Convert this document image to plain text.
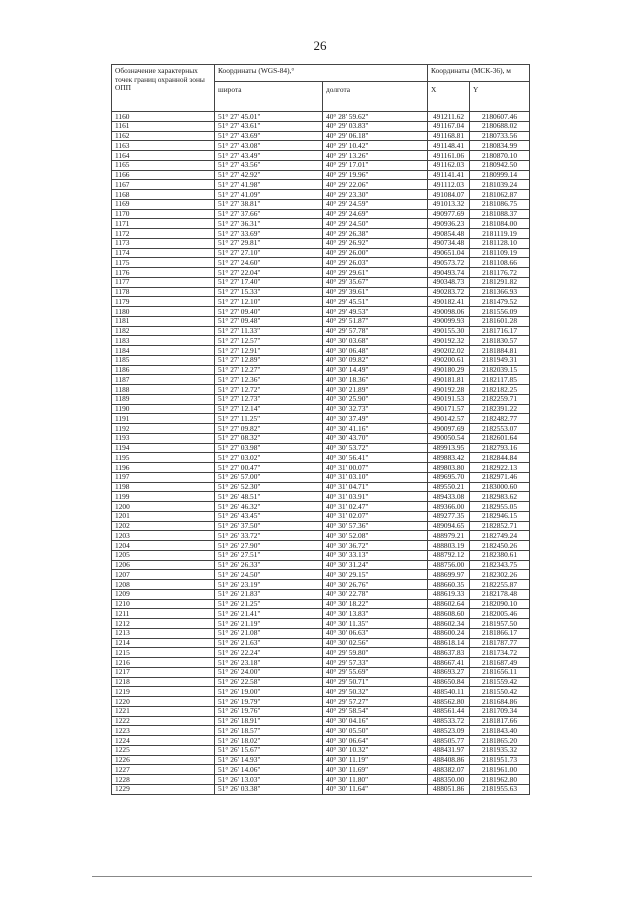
26
Обозначение характерных точек границ охранной зоны ОПП	Координаты (WGS-84),°		Координаты (МСК-36), м	
	широта	долгота	X	Y
1160	51° 27' 45.01"	40° 28' 59.62"	491211.62	2180607.46
1161	51° 27' 43.61"	40° 29' 03.83"	491167.04	2180688.02
1162	51° 27' 43.69"	40° 29' 06.18"	491168.81	2180733.56
1163	51° 27' 43.08"	40° 29' 10.42"	491148.41	2180834.99
1164	51° 27' 43.49"	40° 29' 13.26"	491161.06	2180870.10
1165	51° 27' 43.56"	40° 29' 17.01"	491162.03	2180942.50
1166	51° 27' 42.92"	40° 29' 19.96"	491141.41	2180999.14
1167	51° 27' 41.98"	40° 29' 22.06"	491112.03	2181039.24
1168	51° 27' 41.09"	40° 29' 23.30"	491084.07	2181062.87
1169	51° 27' 38.81"	40° 29' 24.59"	491013.32	2181086.75
1170	51° 27' 37.66"	40° 29' 24.69"	490977.69	2181088.37
1171	51° 27' 36.31"	40° 29' 24.50"	490936.23	2181084.00
1172	51° 27' 33.69"	40° 29' 26.38"	490854.48	2181119.19
1173	51° 27' 29.81"	40° 29' 26.92"	490734.48	2181128.10
1174	51° 27' 27.10"	40° 29' 26.00"	490651.04	2181109.19
1175	51° 27' 24.60"	40° 29' 26.03"	490573.72	2181108.66
1176	51° 27' 22.04"	40° 29' 29.61"	490493.74	2181176.72
1177	51° 27' 17.40"	40° 29' 35.67"	490348.73	2181291.82
1178	51° 27' 15.33"	40° 29' 39.61"	490283.72	2181366.93
1179	51° 27' 12.10"	40° 29' 45.51"	490182.41	2181479.52
1180	51° 27' 09.40"	40° 29' 49.53"	490098.06	2181556.09
1181	51° 27' 09.48"	40° 29' 51.87"	490099.93	2181601.28
1182	51° 27' 11.33"	40° 29' 57.78"	490155.30	2181716.17
1183	51° 27' 12.57"	40° 30' 03.68"	490192.32	2181830.57
1184	51° 27' 12.91"	40° 30' 06.48"	490202.02	2181884.81
1185	51° 27' 12.89"	40° 30' 09.82"	490200.61	2181949.31
1186	51° 27' 12.27"	40° 30' 14.49"	490180.29	2182039.15
1187	51° 27' 12.36"	40° 30' 18.36"	490181.81	2182117.85
1188	51° 27' 12.72"	40° 30' 21.89"	490192.28	2182182.25
1189	51° 27' 12.73"	40° 30' 25.90"	490191.53	2182259.71
1190	51° 27' 12.14"	40° 30' 32.73"	490171.57	2182391.22
1191	51° 27' 11.25"	40° 30' 37.49"	490142.57	2182482.77
1192	51° 27' 09.82"	40° 30' 41.16"	490097.69	2182553.07
1193	51° 27' 08.32"	40° 30' 43.70"	490050.54	2182601.64
1194	51° 27' 03.98"	40° 30' 53.72"	489913.95	2182793.16
1195	51° 27' 03.02"	40° 30' 56.41"	489883.42	2182844.84
1196	51° 27' 00.47"	40° 31' 00.07"	489803.80	2182922.13
1197	51° 26' 57.00"	40° 31' 03.10"	489695.70	2182971.46
1198	51° 26' 52.30"	40° 31' 04.71"	489550.21	2183000.60
1199	51° 26' 48.51"	40° 31' 03.91"	489433.08	2182983.62
1200	51° 26' 46.32"	40° 31' 02.47"	489366.00	2182955.05
1201	51° 26' 43.45"	40° 31' 02.07"	489277.35	2182946.15
1202	51° 26' 37.50"	40° 30' 57.36"	489094.65	2182852.71
1203	51° 26' 33.72"	40° 30' 52.08"	488979.21	2182749.24
1204	51° 26' 27.90"	40° 30' 36.72"	488803.19	2182450.26
1205	51° 26' 27.51"	40° 30' 33.13"	488792.12	2182380.61
1206	51° 26' 26.33"	40° 30' 31.24"	488756.00	2182343.75
1207	51° 26' 24.50"	40° 30' 29.15"	488699.97	2182302.26
1208	51° 26' 23.19"	40° 30' 26.76"	488660.35	2182255.87
1209	51° 26' 21.83"	40° 30' 22.78"	488619.33	2182178.48
1210	51° 26' 21.25"	40° 30' 18.22"	488602.64	2182090.10
1211	51° 26' 21.41"	40° 30' 13.83"	488608.60	2182005.46
1212	51° 26' 21.19"	40° 30' 11.35"	488602.34	2181957.50
1213	51° 26' 21.08"	40° 30' 06.63"	488600.24	2181866.17
1214	51° 26' 21.63"	40° 30' 02.56"	488618.14	2181787.77
1215	51° 26' 22.24"	40° 29' 59.80"	488637.83	2181734.72
1216	51° 26' 23.18"	40° 29' 57.33"	488667.41	2181687.49
1217	51° 26' 24.00"	40° 29' 55.69"	488693.27	2181656.11
1218	51° 26' 22.58"	40° 29' 50.71"	488650.84	2181559.42
1219	51° 26' 19.00"	40° 29' 50.32"	488540.11	2181550.42
1220	51° 26' 19.79"	40° 29' 57.27"	488562.80	2181684.86
1221	51° 26' 19.76"	40° 29' 58.54"	488561.44	2181709.34
1222	51° 26' 18.91"	40° 30' 04.16"	488533.72	2181817.66
1223	51° 26' 18.57"	40° 30' 05.50"	488523.09	2181843.40
1224	51° 26' 18.02"	40° 30' 06.64"	488505.77	2181865.20
1225	51° 26' 15.67"	40° 30' 10.32"	488431.97	2181935.32
1226	51° 26' 14.93"	40° 30' 11.19"	488408.86	2181951.73
1227	51° 26' 14.06"	40° 30' 11.69"	488382.07	2181961.00
1228	51° 26' 13.03"	40° 30' 11.80"	488350.00	2181962.80
1229	51° 26' 03.38"	40° 30' 11.64"	488051.86	2181955.63
